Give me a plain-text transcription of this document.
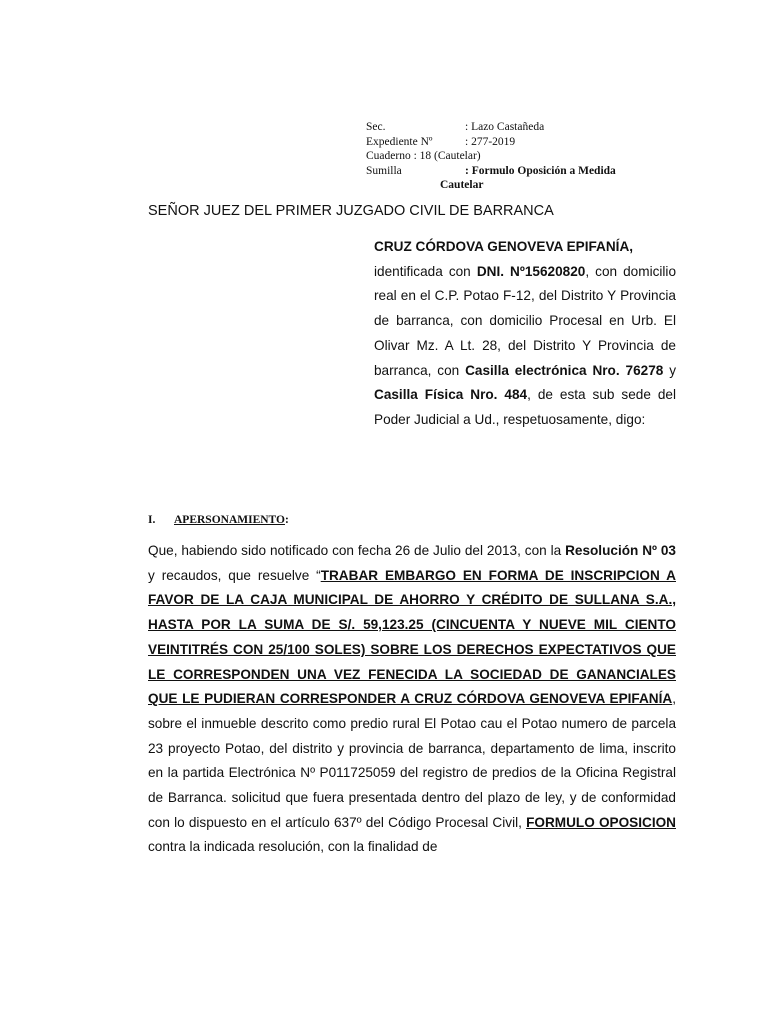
Sec.	: Lazo Castañeda
Expediente Nº	: 277-2019
Cuaderno : 18 (Cautelar)
Sumilla	: Formulo Oposición a Medida
Cautelar
SEÑOR JUEZ DEL PRIMER JUZGADO CIVIL DE BARRANCA

CRUZ CÓRDOVA GENOVEVA EPIFANÍA,

identificada con DNI. Nº15620820, con domicilio real en el C.P. Potao F-12, del Distrito Y Provincia de barranca, con domicilio Procesal en Urb. El Olivar Mz. A Lt. 28, del Distrito Y Provincia de barranca, con Casilla electrónica Nro. 76278 y Casilla Física Nro. 484, de esta sub sede del Poder Judicial a Ud., respetuosamente, digo:

I. APERSONAMIENTO:

Que, habiendo sido notificado con fecha 26 de Julio del 2013, con la Resolución Nº 03 y recaudos, que resuelve “TRABAR EMBARGO EN FORMA DE INSCRIPCION A FAVOR DE LA CAJA MUNICIPAL DE AHORRO Y CRÉDITO DE SULLANA S.A., HASTA POR LA SUMA DE S/. 59,123.25 (CINCUENTA Y NUEVE MIL CIENTO VEINTITRÉS CON 25/100 SOLES) SOBRE LOS DERECHOS EXPECTATIVOS QUE LE CORRESPONDEN UNA VEZ FENECIDA LA SOCIEDAD DE GANANCIALES QUE LE PUDIERAN CORRESPONDER A CRUZ CÓRDOVA GENOVEVA EPIFANÍA, sobre el inmueble descrito como predio rural El Potao cau el Potao numero de parcela 23 proyecto Potao, del distrito y provincia de barranca, departamento de lima, inscrito en la partida Electrónica Nº P011725059 del registro de predios de la Oficina Registral de Barranca. solicitud que fuera presentada dentro del plazo de ley, y de conformidad con lo dispuesto en el artículo 637º del Código Procesal Civil, FORMULO OPOSICION contra la indicada resolución, con la finalidad de
